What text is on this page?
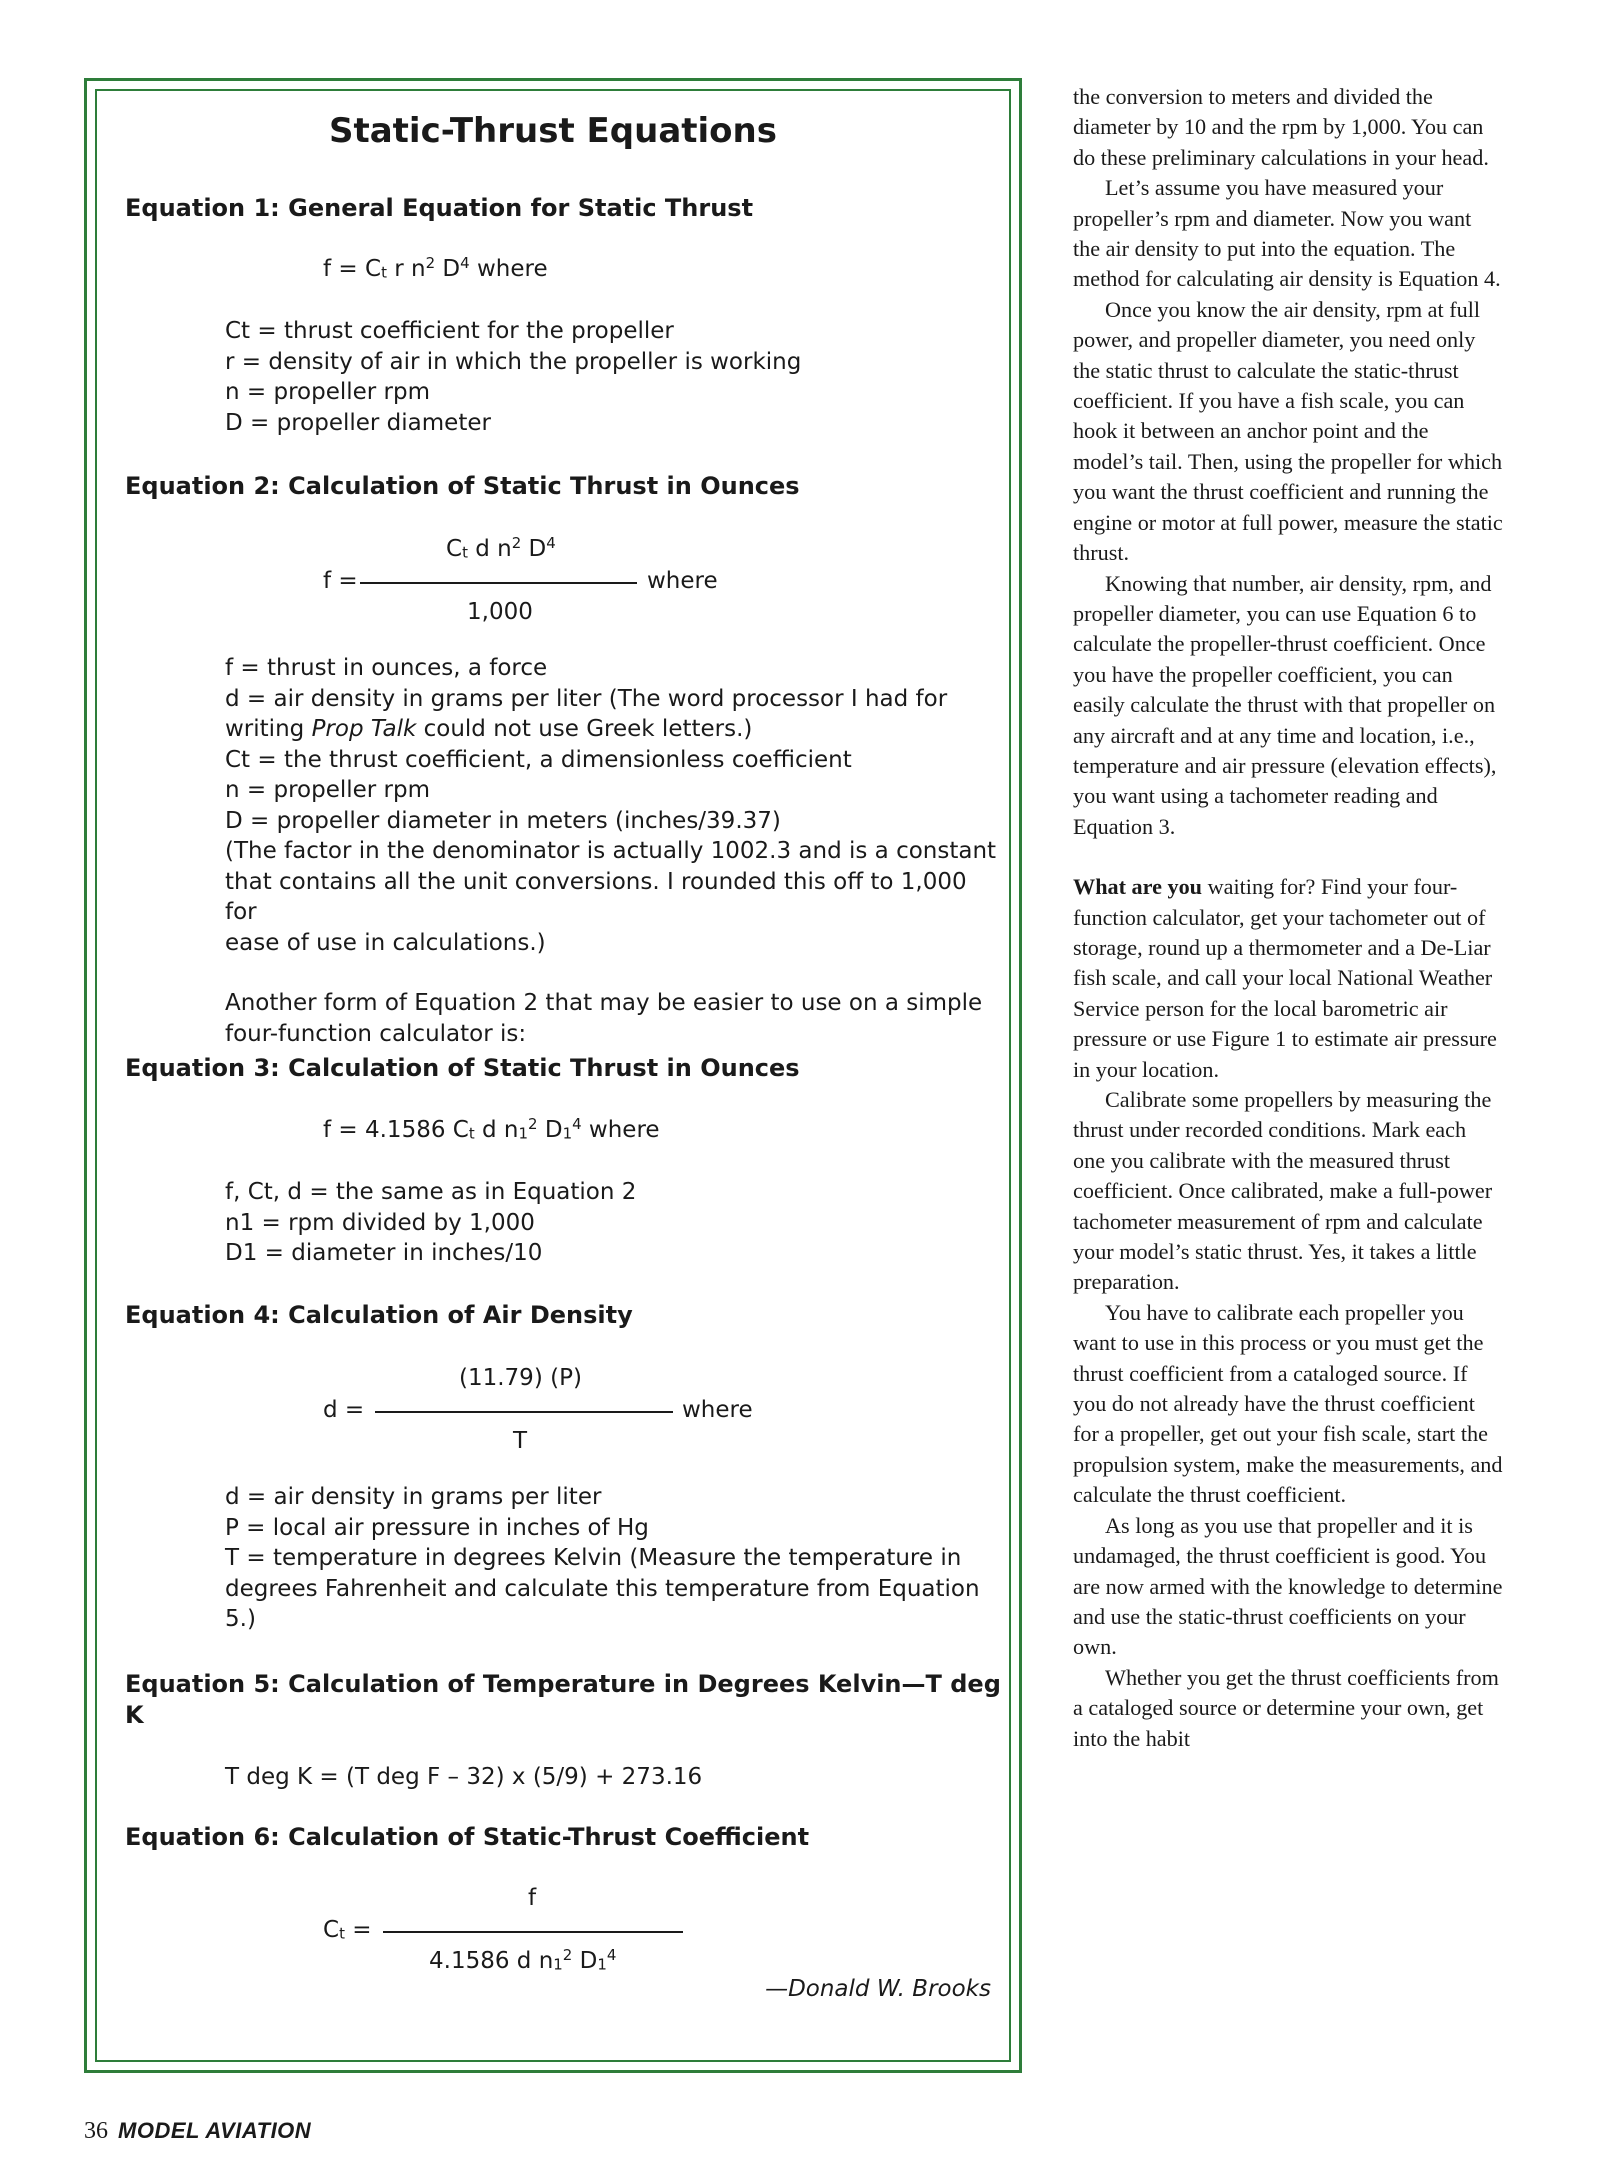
Static-Thrust Equations
Equation 1: General Equation for Static Thrust
$f = C_t$ r $n^2$ $D^4$ where
Ct = thrust coefficient for the propeller
r = density of air in which the propeller is working
n = propeller rpm
D = propeller diameter
Equation 2: Calculation of Static Thrust in Ounces
$C_t$ d $n^2$ $D^4$
f =	where
1,000
f = thrust in ounces, a force
d = air density in grams per liter (The word processor I had for
writing Prop Talk could not use Greek letters.)
Ct = the thrust coefficient, a dimensionless coefficient
n = propeller rpm
D = propeller diameter in meters (inches/39.37)
(The factor in the denominator is actually 1002.3 and is a constant
that contains all the unit conversions. I rounded this off to 1,000 for
ease of use in calculations.)
Another form of Equation 2 that may be easier to use on a simple
four-function calculator is:
Equation 3: Calculation of Static Thrust in Ounces
f = 4.1586 $C_t$ d $n_1^2$ $D_1^4$ where
f, Ct, d = the same as in Equation 2
n1 = rpm divided by 1,000
D1 = diameter in inches/10
Equation 4: Calculation of Air Density
(11.79) (P)
d =	where
T
d = air density in grams per liter
P = local air pressure in inches of Hg
T = temperature in degrees Kelvin (Measure the temperature in
degrees Fahrenheit and calculate this temperature from Equation 5.)
Equation 5: Calculation of Temperature in Degrees Kelvin—T deg
K
T deg K = (T deg F – 32) x (5/9) + 273.16
Equation 6: Calculation of Static-Thrust Coefficient
f
$C_t$ =
4.1586 d $n_1^2$ $D_1^4$
—Donald W. Brooks

the conversion to meters and divided the diameter by 10 and the rpm by 1,000. You can do these preliminary calculations in your head.

Let’s assume you have measured your propeller’s rpm and diameter. Now you want the air density to put into the equation. The method for calculating air density is Equation 4.

Once you know the air density, rpm at full power, and propeller diameter, you need only the static thrust to calculate the static-thrust coefficient. If you have a fish scale, you can hook it between an anchor point and the model’s tail. Then, using the propeller for which you want the thrust coefficient and running the engine or motor at full power, measure the static thrust.

Knowing that number, air density, rpm, and propeller diameter, you can use Equation 6 to calculate the propeller-thrust coefficient. Once you have the propeller coefficient, you can easily calculate the thrust with that propeller on any aircraft and at any time and location, i.e., temperature and air pressure (elevation effects), you want using a tachometer reading and Equation 3.

What are you waiting for? Find your four-function calculator, get your tachometer out of storage, round up a thermometer and a De-Liar fish scale, and call your local National Weather Service person for the local barometric air pressure or use Figure 1 to estimate air pressure in your location.

Calibrate some propellers by measuring the thrust under recorded conditions. Mark each one you calibrate with the measured thrust coefficient. Once calibrated, make a full-power tachometer measurement of rpm and calculate your model’s static thrust. Yes, it takes a little preparation.

You have to calibrate each propeller you want to use in this process or you must get the thrust coefficient from a cataloged source. If you do not already have the thrust coefficient for a propeller, get out your fish scale, start the propulsion system, make the measurements, and calculate the thrust coefficient.

As long as you use that propeller and it is undamaged, the thrust coefficient is good. You are now armed with the knowledge to determine and use the static-thrust coefficients on your own.

Whether you get the thrust coefficients from a cataloged source or determine your own, get into the habit

36 MODEL AVIATION
